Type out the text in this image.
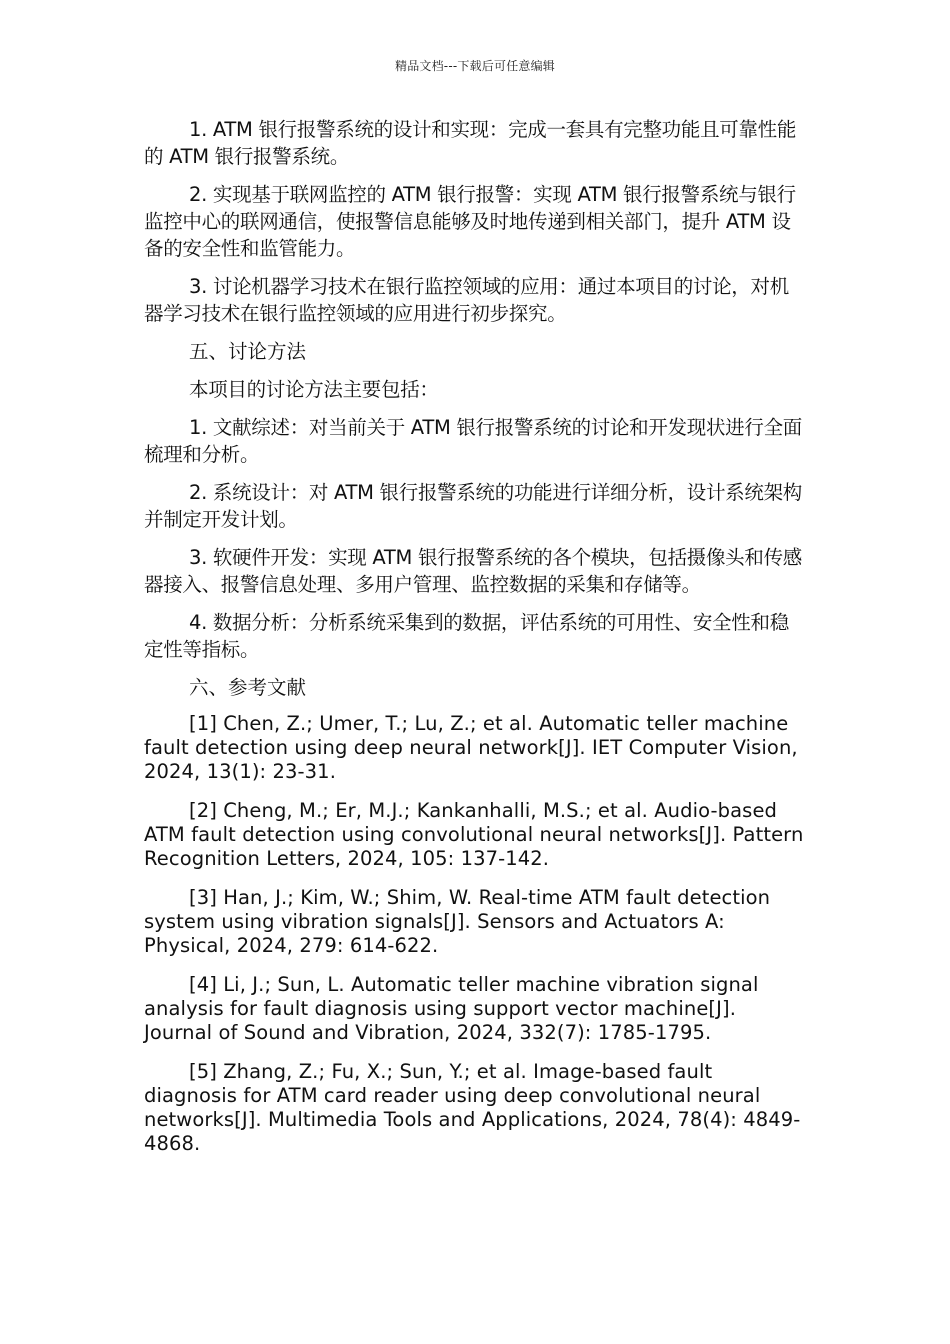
精品文档---下载后可任意编辑

1. ATM 银行报警系统的设计和实现：完成一套具有完整功能且可靠性能的 ATM 银行报警系统。

2. 实现基于联网监控的 ATM 银行报警：实现 ATM 银行报警系统与银行监控中心的联网通信，使报警信息能够及时地传递到相关部门，提升 ATM 设备的安全性和监管能力。

3. 讨论机器学习技术在银行监控领域的应用：通过本项目的讨论，对机器学习技术在银行监控领域的应用进行初步探究。

五、讨论方法

本项目的讨论方法主要包括：

1. 文献综述：对当前关于 ATM 银行报警系统的讨论和开发现状进行全面梳理和分析。

2. 系统设计：对 ATM 银行报警系统的功能进行详细分析，设计系统架构并制定开发计划。

3. 软硬件开发：实现 ATM 银行报警系统的各个模块，包括摄像头和传感器接入、报警信息处理、多用户管理、监控数据的采集和存储等。

4. 数据分析：分析系统采集到的数据，评估系统的可用性、安全性和稳定性等指标。

六、参考文献

[1] Chen, Z.; Umer, T.; Lu, Z.; et al. Automatic teller machine fault detection using deep neural network[J]. IET Computer Vision, 2024, 13(1): 23-31.

[2] Cheng, M.; Er, M.J.; Kankanhalli, M.S.; et al. Audio-based ATM fault detection using convolutional neural networks[J]. Pattern Recognition Letters, 2024, 105: 137-142.

[3] Han, J.; Kim, W.; Shim, W. Real-time ATM fault detection system using vibration signals[J]. Sensors and Actuators A: Physical, 2024, 279: 614-622.

[4] Li, J.; Sun, L. Automatic teller machine vibration signal analysis for fault diagnosis using support vector machine[J]. Journal of Sound and Vibration, 2024, 332(7): 1785-1795.

[5] Zhang, Z.; Fu, X.; Sun, Y.; et al. Image-based fault diagnosis for ATM card reader using deep convolutional neural networks[J]. Multimedia Tools and Applications, 2024, 78(4): 4849-4868.
